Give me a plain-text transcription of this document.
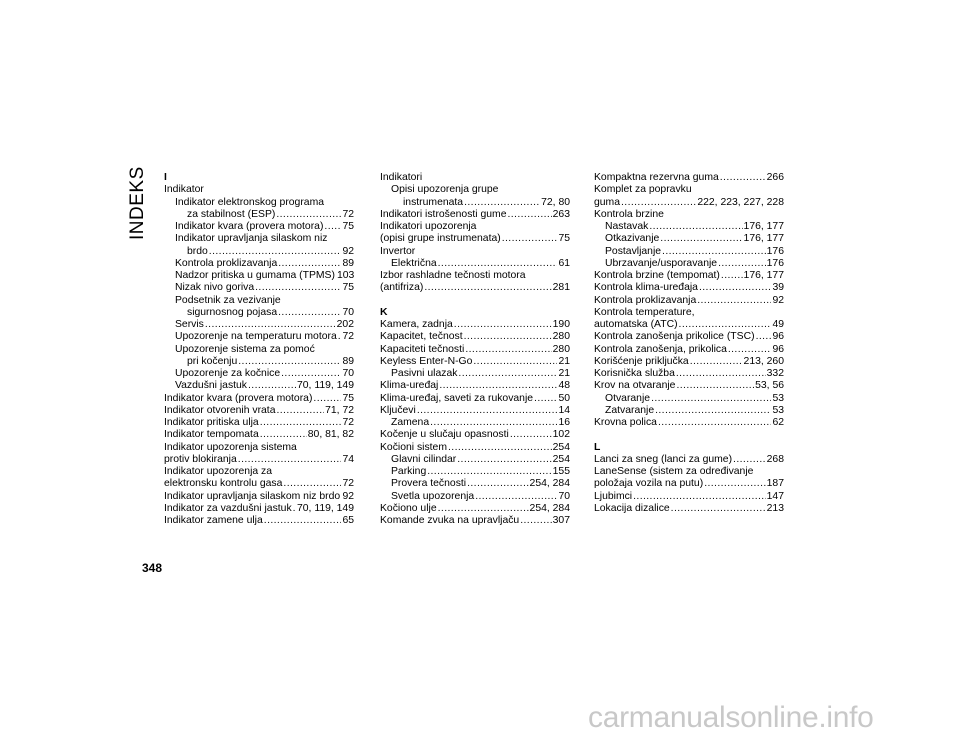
INDEKS I
Indikator
Indikator elektronskog programa
za stabilnost (ESP) .....	72
Indikator kvara (provera motora) ..... 75
Indikator upravljanja silaskom niz
brdo .....	92
Kontrola proklizavanja .....	89
Nadzor pritiska u gumama (TPMS) 103
Nizak nivo goriva .....	75
Podsetnik za vezivanje
sigurnosnog pojasa .....	70
Servis .....	202
Upozorenje na temperaturu motora ..... 72
Upozorenje sistema za pomoć
pri kočenju .....	89
Upozorenje za kočnice .....	70
Vazdušni jastuk .....	70, 119, 149
Indikator kvara (provera motora) .....	75
Indikator otvorenih vrata .....	71, 72
Indikator pritiska ulja .....	72
Indikator tempomata .....	80, 81, 82
Indikator upozorenja sistema
protiv blokiranja .....	74
Indikator upozorenja za
elektronsku kontrolu gasa .....	72
Indikator upravljanja silaskom niz brdo ..... 92
Indikator za vazdušni jastuk ..... 70, 119, 149
Indikator zamene ulja .....	65
Indikatori
Opisi upozorenja grupe
instrumenata .....	72, 80
Indikatori istrošenosti gume .....	263
Indikatori upozorenja
(opisi grupe instrumenata) .....	75
Invertor
Električna .....	61
Izbor rashladne tečnosti motora
(antifriza) .....	281
K
Kamera, zadnja .....	190
Kapacitet, tečnost .....	280
Kapaciteti tečnosti .....	280
Keyless Enter-N-Go .....	21
Pasivni ulazak .....	21
Klima-uređaj .....	48
Klima-uređaj, saveti za rukovanje ..... 50
Ključevi .....	14
Zamena .....	16
Kočenje u slučaju opasnosti .....	102
Kočioni sistem .....	254
Glavni cilindar .....	254
Parking .....	155
Provera tečnosti .....	254, 284
Svetla upozorenja .....	70
Kočiono ulje .....	254, 284
Komande zvuka na upravljaču .....	307
Kompaktna rezervna guma .....	266
Komplet za popravku
guma .....	222, 223, 227, 228
Kontrola brzine
Nastavak .....	176, 177
Otkazivanje .....	176, 177
Postavljanje .....	176
Ubrzavanje/usporavanje .....	176
Kontrola brzine (tempomat) ..... 176, 177
Kontrola klima-uređaja .....	39
Kontrola proklizavanja .....	92
Kontrola temperature,
automatska (ATC) .....	49
Kontrola zanošenja prikolice (TSC) ..... 96
Kontrola zanošenja, prikolica .....	96
Korišćenje priključka .....	213, 260
Korisnička služba .....	332
Krov na otvaranje .....	53, 56
Otvaranje .....	53
Zatvaranje .....	53
Krovna polica .....	62
L
Lanci za sneg (lanci za gume) .....	268
LaneSense (sistem za određivanje
položaja vozila na putu) .....	187
Ljubimci .....	147
Lokacija dizalice .....	213
348
carmanualsonline.info
